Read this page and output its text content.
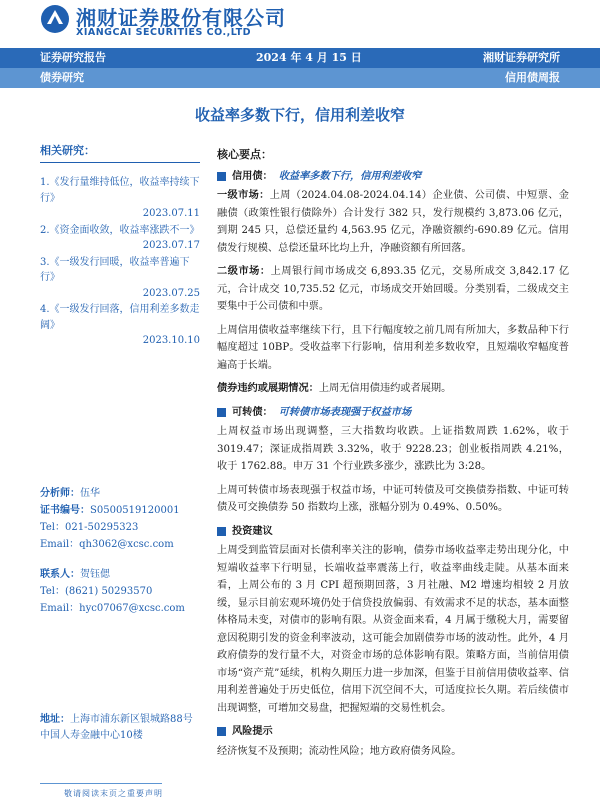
湘财证券股份有限公司
XIANGCAI SECURITIES CO.,LTD
证券研究报告	2024 年 4 月 15 日	湘财证券研究所
债券研究	信用债周报
收益率多数下行，信用利差收窄
相关研究：
1.《发行量维持低位，收益率持续下行》
2023.07.11
2.《资金面收敛，收益率涨跌不一》
2023.07.17
3.《一级发行回暖，收益率普遍下行》
2023.07.25
4.《一级发行回落，信用利差多数走阔》
2023.10.10
分析师：伍华
证书编号：S0500519120001
Tel：021-50295323
Email：qh3062@xcsc.com
联系人：贺钰偲
Tel：(8621) 50293570
Email：hyc07067@xcsc.com
地址：上海市浦东新区银城路88号中国人寿金融中心10楼
核心要点：
信用债： 收益率多数下行，信用利差收窄

一级市场：上周（2024.04.08-2024.04.14）企业债、公司债、中短票、金融债（政策性银行债除外）合计发行 382 只，发行规模约 3,873.06 亿元，到期 245 只，总偿还量约 4,563.95 亿元，净融资额约-690.89 亿元。信用债发行规模、总偿还量环比均上升，净融资额有所回落。

二级市场：上周银行间市场成交 6,893.35 亿元，交易所成交 3,842.17 亿元，合计成交 10,735.52 亿元，市场成交开始回暖。分类别看，二级成交主要集中于公司债和中票。

上周信用债收益率继续下行，且下行幅度较之前几周有所加大，多数品种下行幅度超过 10BP。受收益率下行影响，信用利差多数收窄，且短端收窄幅度普遍高于长端。

债券违约或展期情况：上周无信用债违约或者展期。

可转债： 可转债市场表现强于权益市场

上周权益市场出现调整，三大指数均收跌。上证指数周跌 1.62%，收于 3019.47；深证成指周跌 3.32%，收于 9228.23；创业板指周跌 4.21%，收于 1762.88。申万 31 个行业跌多涨少，涨跌比为 3:28。

上周可转债市场表现强于权益市场，中证可转债及可交换债券指数、中证可转债及可交换债券 50 指数均上涨，涨幅分别为 0.49%、0.50%。

投资建议

上周受到监管层面对长债利率关注的影响，债券市场收益率走势出现分化，中短端收益率下行明显，长端收益率震荡上行，收益率曲线走陡。从基本面来看，上周公布的 3 月 CPI 超预期回落，3 月社融、M2 增速均相较 2 月放缓，显示目前宏观环境仍处于信贷投放偏弱、有效需求不足的状态，基本面整体格局未变，对债市的影响有限。从资金面来看，4 月属于缴税大月，需要留意因税期引发的资金利率波动，这可能会加剧债券市场的波动性。此外，4 月政府债券的发行量不大，对资金市场的总体影响有限。策略方面，当前信用债市场“资产荒”延续，机构久期压力进一步加深，但鉴于目前信用债收益率、信用利差普遍处于历史低位，信用下沉空间不大，可适度拉长久期。若后续债市出现调整，可增加交易盘，把握短端的交易性机会。

风险提示

经济恢复不及预期；流动性风险；地方政府债务风险。

敬请阅读末页之重要声明
